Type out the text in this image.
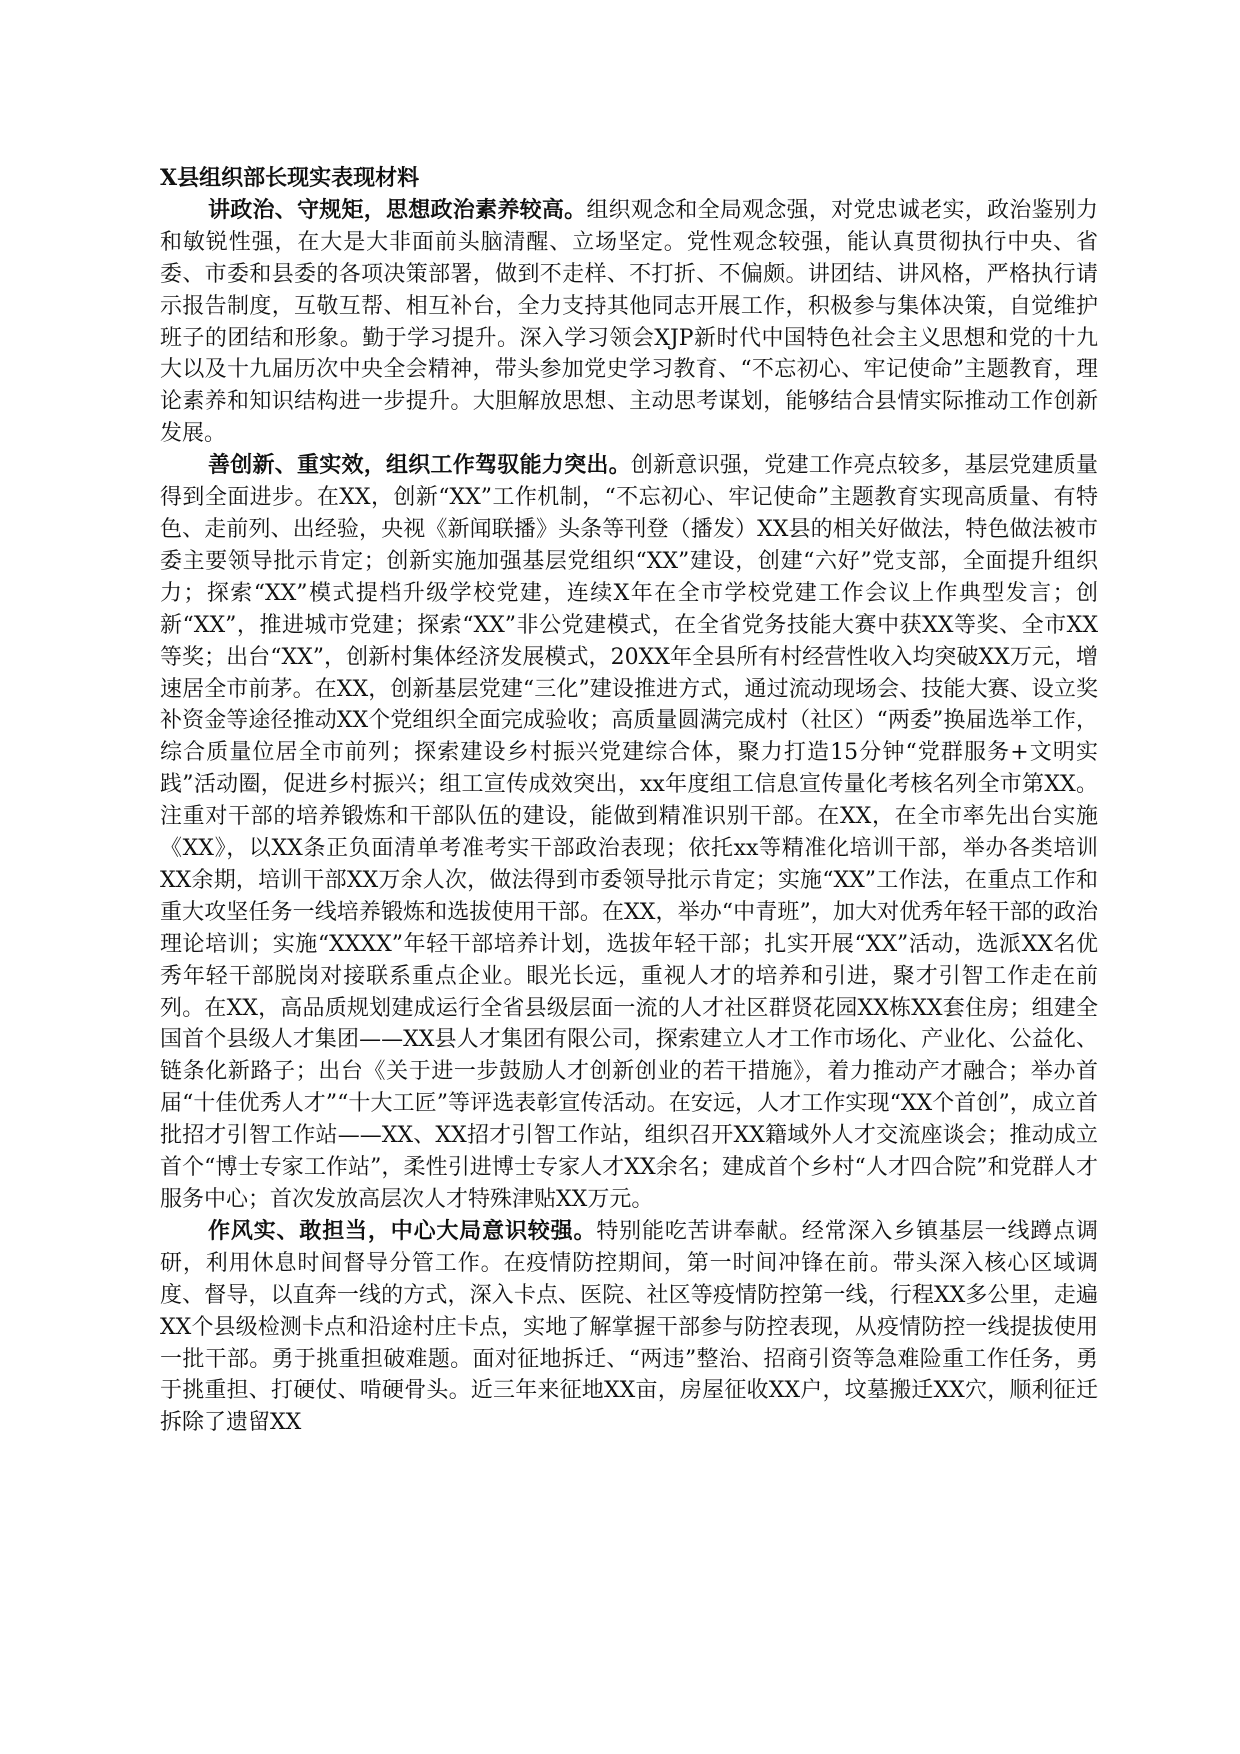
X县组织部长现实表现材料

讲政治、守规矩，思想政治素养较高。组织观念和全局观念强，对党忠诚老实，政治鉴别力和敏锐性强，在大是大非面前头脑清醒、立场坚定。党性观念较强，能认真贯彻执行中央、省委、市委和县委的各项决策部署，做到不走样、不打折、不偏颇。讲团结、讲风格，严格执行请示报告制度，互敬互帮、相互补台，全力支持其他同志开展工作，积极参与集体决策，自觉维护班子的团结和形象。勤于学习提升。深入学习领会XJP新时代中国特色社会主义思想和党的十九大以及十九届历次中央全会精神，带头参加党史学习教育、“不忘初心、牢记使命”主题教育，理论素养和知识结构进一步提升。大胆解放思想、主动思考谋划，能够结合县情实际推动工作创新发展。

善创新、重实效，组织工作驾驭能力突出。创新意识强，党建工作亮点较多，基层党建质量得到全面进步。在XX，创新“XX”工作机制，“不忘初心、牢记使命”主题教育实现高质量、有特色、走前列、出经验，央视《新闻联播》头条等刊登（播发）XX县的相关好做法，特色做法被市委主要领导批示肯定；创新实施加强基层党组织“XX”建设，创建“六好”党支部，全面提升组织力；探索“XX”模式提档升级学校党建，连续X年在全市学校党建工作会议上作典型发言；创新“XX”，推进城市党建；探索“XX”非公党建模式，在全省党务技能大赛中获XX等奖、全市XX等奖；出台“XX”，创新村集体经济发展模式，20XX年全县所有村经营性收入均突破XX万元，增速居全市前茅。在XX，创新基层党建“三化”建设推进方式，通过流动现场会、技能大赛、设立奖补资金等途径推动XX个党组织全面完成验收；高质量圆满完成村（社区）“两委”换届选举工作，综合质量位居全市前列；探索建设乡村振兴党建综合体，聚力打造15分钟“党群服务+文明实践”活动圈，促进乡村振兴；组工宣传成效突出，xx年度组工信息宣传量化考核名列全市第XX。注重对干部的培养锻炼和干部队伍的建设，能做到精准识别干部。在XX，在全市率先出台实施《XX》，以XX条正负面清单考准考实干部政治表现；依托xx等精准化培训干部，举办各类培训XX余期，培训干部XX万余人次，做法得到市委领导批示肯定；实施“XX”工作法，在重点工作和重大攻坚任务一线培养锻炼和选拔使用干部。在XX，举办“中青班”，加大对优秀年轻干部的政治理论培训；实施“XXXX”年轻干部培养计划，选拔年轻干部；扎实开展“XX”活动，选派XX名优秀年轻干部脱岗对接联系重点企业。眼光长远，重视人才的培养和引进，聚才引智工作走在前列。在XX，高品质规划建成运行全省县级层面一流的人才社区群贤花园XX栋XX套住房；组建全国首个县级人才集团——XX县人才集团有限公司，探索建立人才工作市场化、产业化、公益化、链条化新路子；出台《关于进一步鼓励人才创新创业的若干措施》，着力推动产才融合；举办首届“十佳优秀人才”“十大工匠”等评选表彰宣传活动。在安远，人才工作实现“XX个首创”，成立首批招才引智工作站——XX、XX招才引智工作站，组织召开XX籍域外人才交流座谈会；推动成立首个“博士专家工作站”，柔性引进博士专家人才XX余名；建成首个乡村“人才四合院”和党群人才服务中心；首次发放高层次人才特殊津贴XX万元。

作风实、敢担当，中心大局意识较强。特别能吃苦讲奉献。经常深入乡镇基层一线蹲点调研，利用休息时间督导分管工作。在疫情防控期间，第一时间冲锋在前。带头深入核心区域调度、督导，以直奔一线的方式，深入卡点、医院、社区等疫情防控第一线，行程XX多公里，走遍XX个县级检测卡点和沿途村庄卡点，实地了解掌握干部参与防控表现，从疫情防控一线提拔使用一批干部。勇于挑重担破难题。面对征地拆迁、“两违”整治、招商引资等急难险重工作任务，勇于挑重担、打硬仗、啃硬骨头。近三年来征地XX亩，房屋征收XX户，坟墓搬迁XX穴，顺利征迁拆除了遗留XX
